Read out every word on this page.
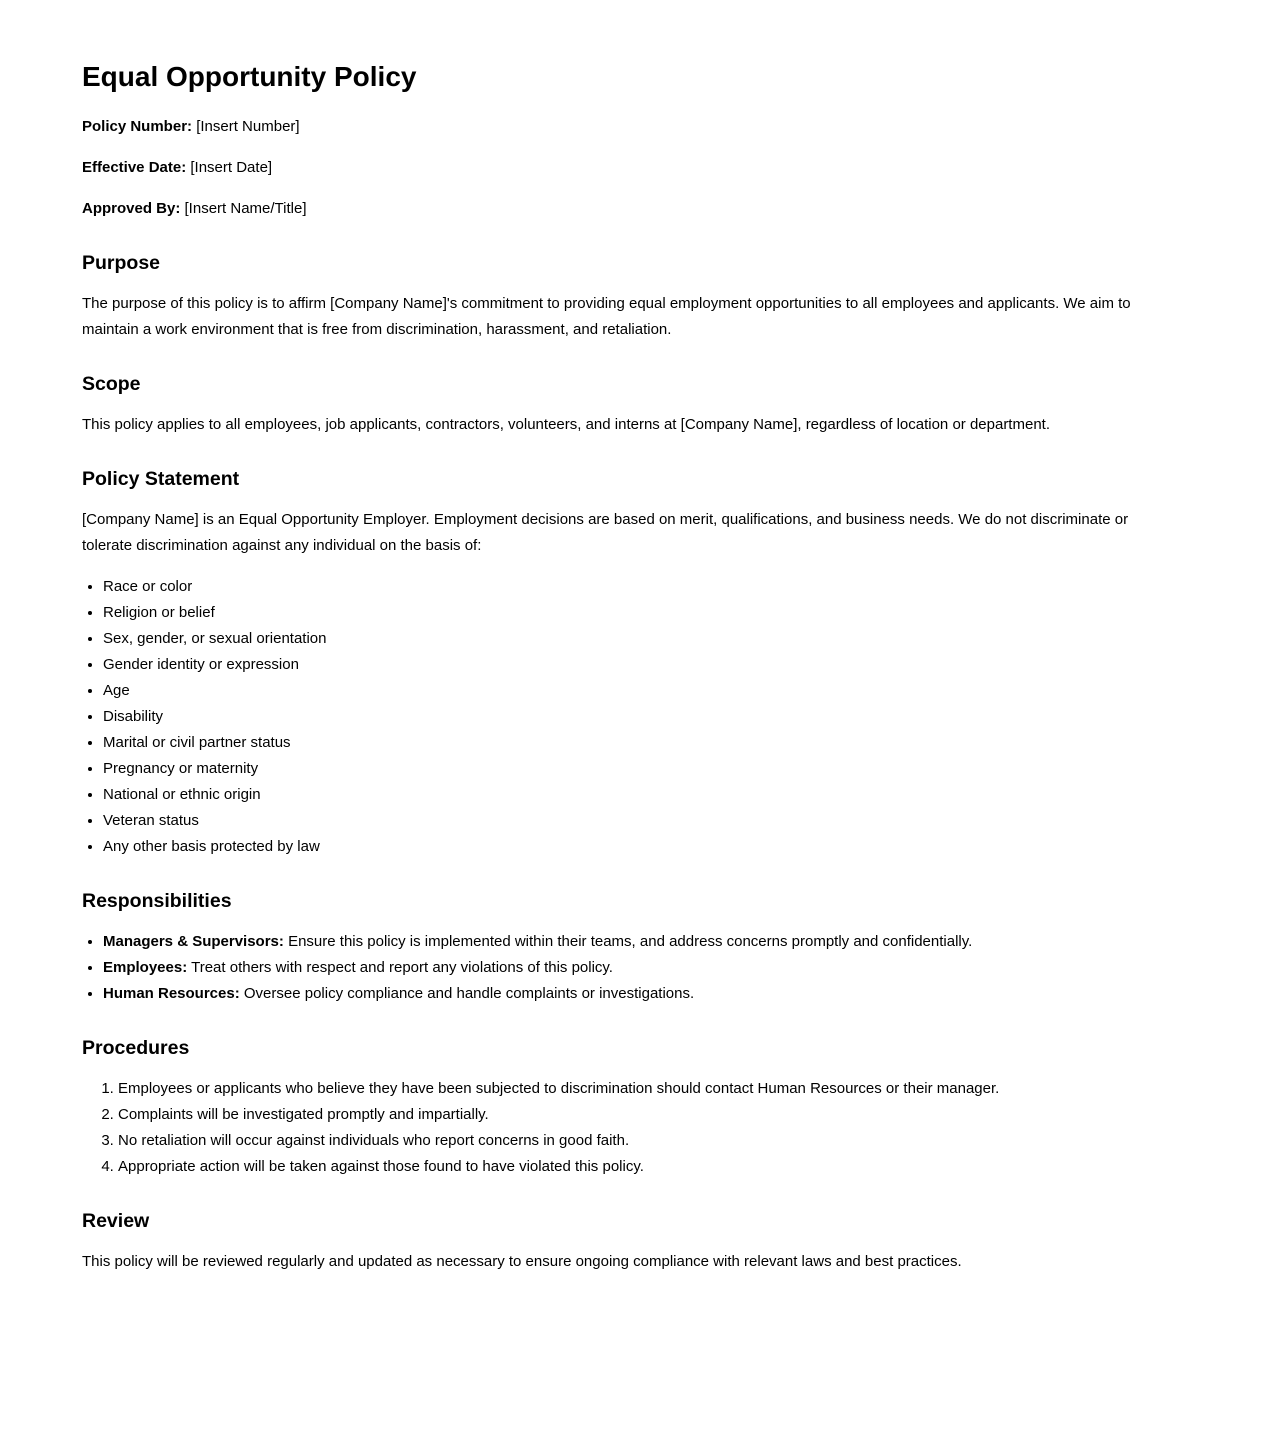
Equal Opportunity Policy

Policy Number: [Insert Number]

Effective Date: [Insert Date]

Approved By: [Insert Name/Title]

Purpose

The purpose of this policy is to affirm [Company Name]'s commitment to providing equal employment opportunities to all employees and applicants. We aim to maintain a work environment that is free from discrimination, harassment, and retaliation.

Scope

This policy applies to all employees, job applicants, contractors, volunteers, and interns at [Company Name], regardless of location or department.

Policy Statement

[Company Name] is an Equal Opportunity Employer. Employment decisions are based on merit, qualifications, and business needs. We do not discriminate or tolerate discrimination against any individual on the basis of:

• Race or color
• Religion or belief
• Sex, gender, or sexual orientation
• Gender identity or expression
• Age
• Disability
• Marital or civil partner status
• Pregnancy or maternity
• National or ethnic origin
• Veteran status
• Any other basis protected by law
Responsibilities
• Managers & Supervisors: Ensure this policy is implemented within their teams, and address concerns promptly and confidentially.
• Employees: Treat others with respect and report any violations of this policy.
• Human Resources: Oversee policy compliance and handle complaints or investigations.
Procedures
1. Employees or applicants who believe they have been subjected to discrimination should contact Human Resources or their manager.
2. Complaints will be investigated promptly and impartially.
3. No retaliation will occur against individuals who report concerns in good faith.
4. Appropriate action will be taken against those found to have violated this policy.
Review

This policy will be reviewed regularly and updated as necessary to ensure ongoing compliance with relevant laws and best practices.
